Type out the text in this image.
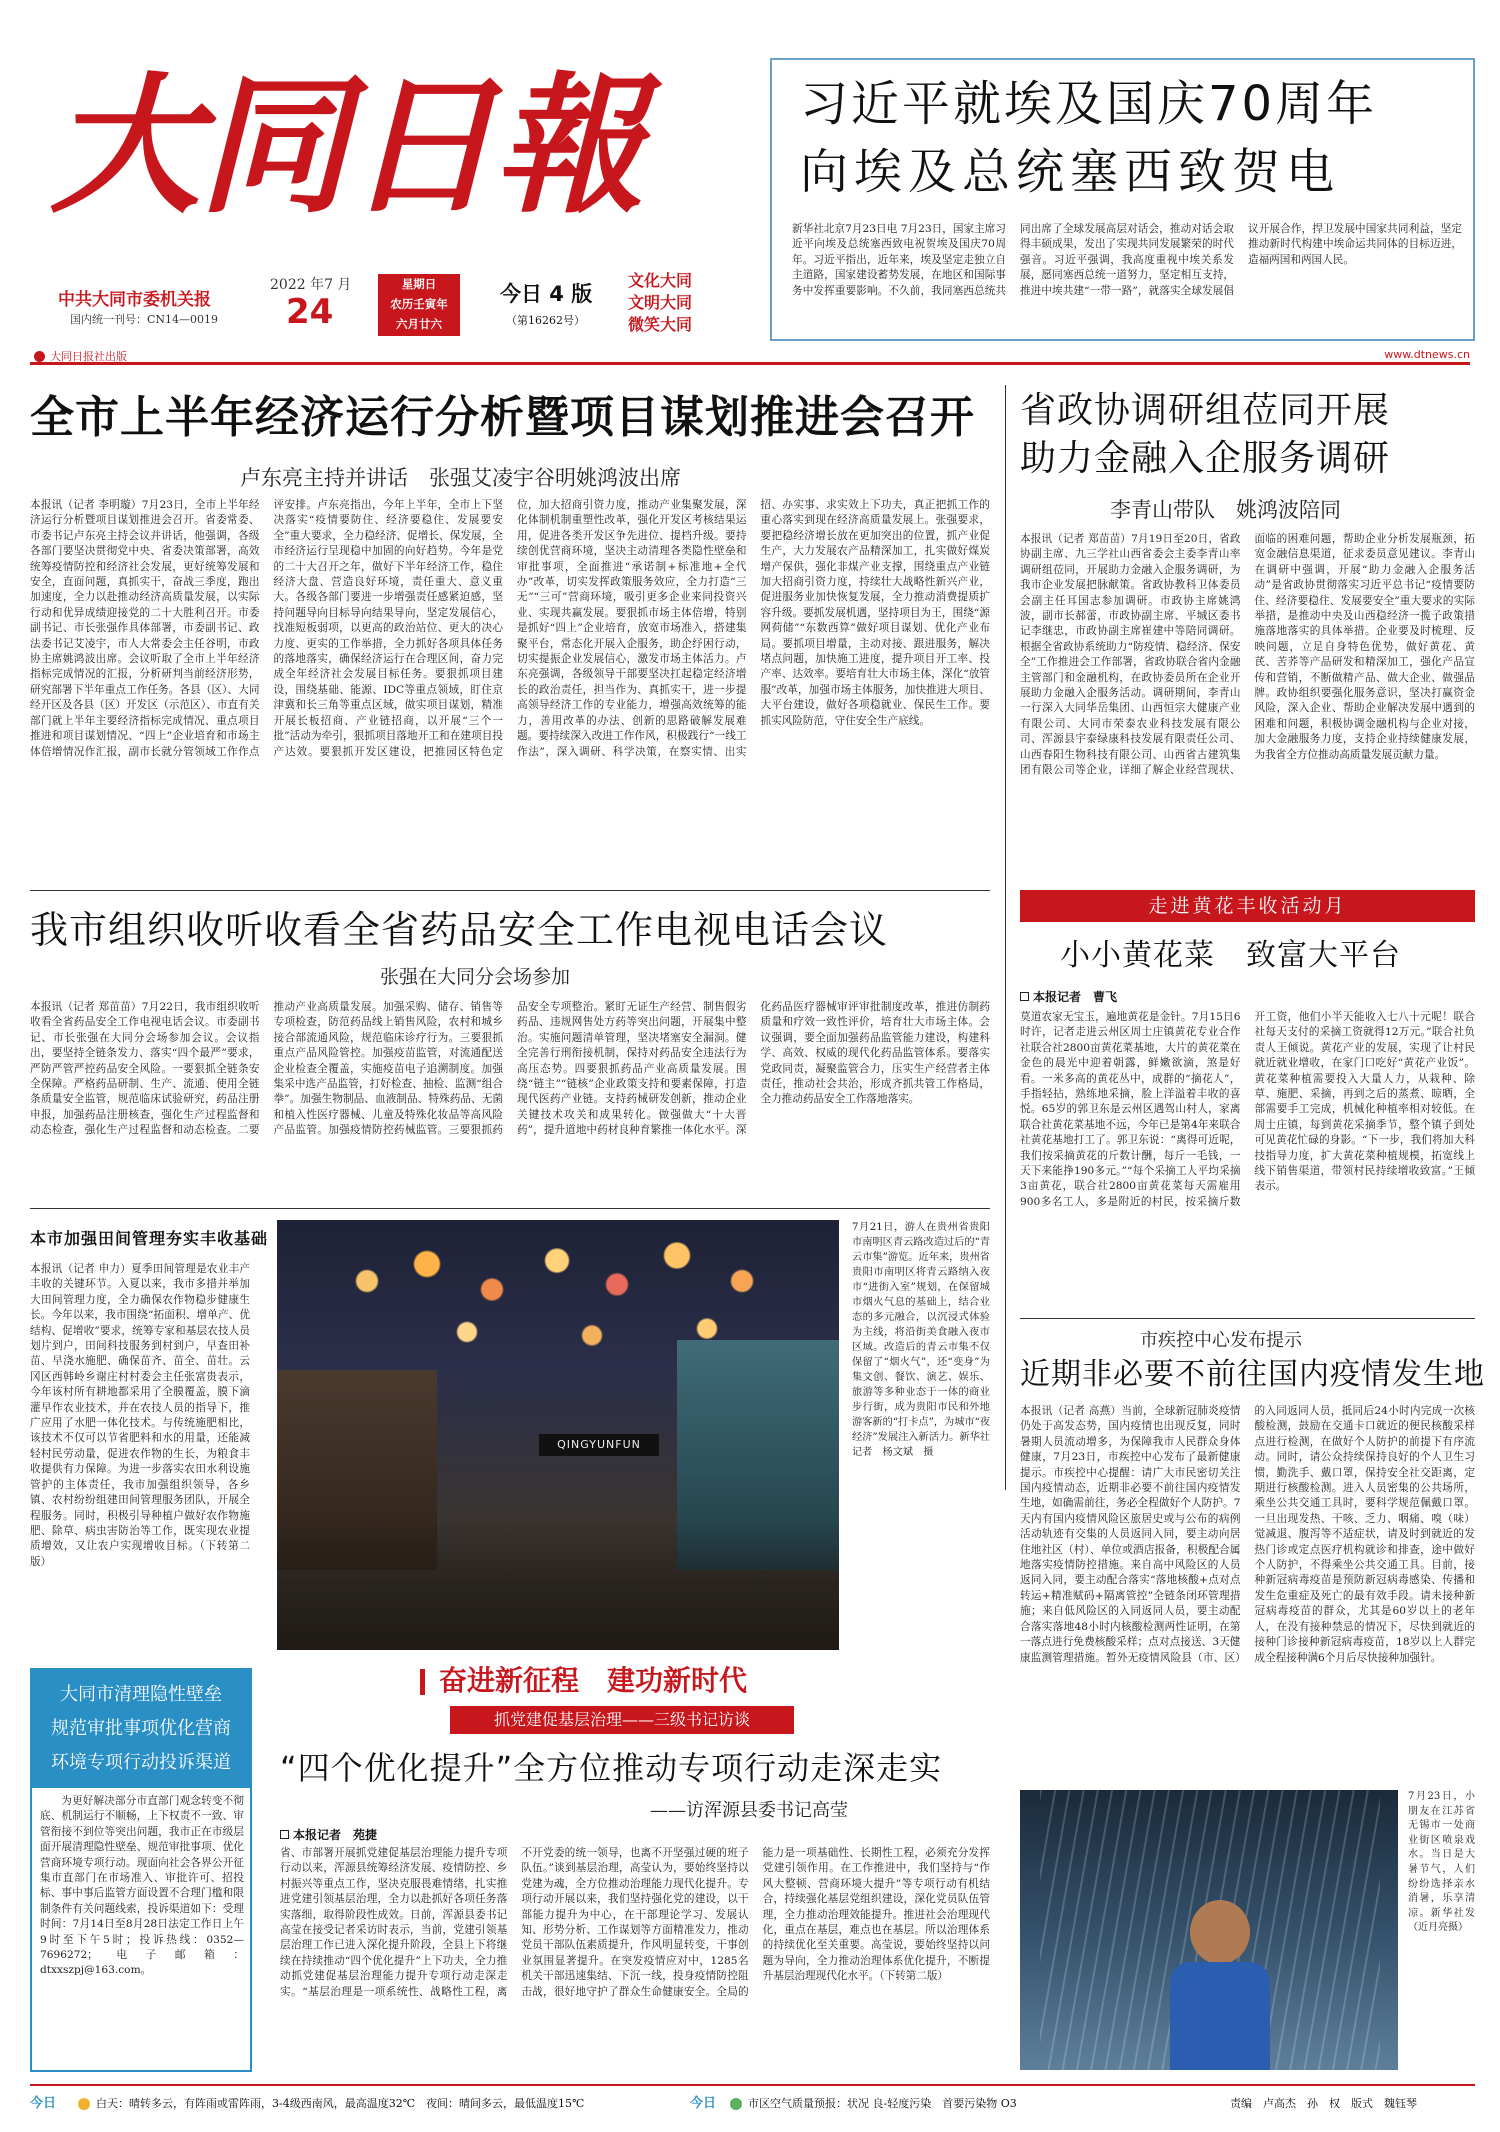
大同日報
中共大同市委机关报
国内统一刊号：CN14—0019
2022 年7 月
24
星期日
农历壬寅年
六月廿六
今日 4 版
（第16262号）
文化大同
文明大同
微笑大同
大同日报社出版	www.dtnews.cn
习近平就埃及国庆70周年
向埃及总统塞西致贺电
新华社北京7月23日电 7月23日，国家主席习近平向埃及总统塞西致电祝贺埃及国庆70周年。习近平指出，近年来，埃及坚定走独立自主道路，国家建设蓄势发展，在地区和国际事务中发挥重要影响。不久前，我同塞西总统共同出席了全球发展高层对话会，推动对话会取得丰硕成果，发出了实现共同发展繁荣的时代强音。习近平强调，我高度重视中埃关系发展，愿同塞西总统一道努力，坚定相互支持，推进中埃共建“一带一路”，就落实全球发展倡议开展合作，捍卫发展中国家共同利益，坚定推动新时代构建中埃命运共同体的目标迈进，造福两国和两国人民。
全市上半年经济运行分析暨项目谋划推进会召开
卢东亮主持并讲话　张强艾凌宇谷明姚鸿波出席
本报讯（记者 李明璇）7月23日，全市上半年经济运行分析暨项目谋划推进会召开。省委常委、市委书记卢东亮主持会议并讲话，他强调，各级各部门要坚决贯彻党中央、省委决策部署，高效统筹疫情防控和经济社会发展，更好统筹发展和安全，直面问题，真抓实干，奋战三季度，跑出加速度，全力以赴推动经济高质量发展，以实际行动和优异成绩迎接党的二十大胜利召开。市委副书记、市长张强作具体部署，市委副书记、政法委书记艾凌宇，市人大常委会主任谷明，市政协主席姚鸿波出席。会议听取了全市上半年经济指标完成情况的汇报，分析研判当前经济形势，研究部署下半年重点工作任务。各县（区）、大同经开区及各县（区）开发区（示范区）、市直有关部门就上半年主要经济指标完成情况、重点项目推进和项目谋划情况、“四上”企业培育和市场主体倍增情况作汇报，副市长就分管领域工作作点评安排。卢东亮指出，今年上半年，全市上下坚决落实“疫情要防住、经济要稳住、发展要安全”重大要求，全力稳经济、促增长、保发展，全市经济运行呈现稳中加固的向好趋势。今年是党的二十大召开之年，做好下半年经济工作，稳住经济大盘、营造良好环境，责任重大、意义重大。各级各部门要进一步增强责任感紧迫感，坚持问题导向目标导向结果导向，坚定发展信心，找准短板弱项，以更高的政治站位、更大的决心力度、更实的工作举措，全力抓好各项具体任务的落地落实，确保经济运行在合理区间，奋力完成全年经济社会发展目标任务。要狠抓项目建设，围绕基础、能源、IDC等重点领域，盯住京津冀和长三角等重点区域，做实项目谋划，精准开展长板招商、产业链招商，以开展“三个一批”活动为牵引，狠抓项目落地开工和在建项目投产达效。要狠抓开发区建设，把推园区特色定位，加大招商引资力度，推动产业集聚发展，深化体制机制重塑性改革，强化开发区考核结果运用，促进各类开发区争先进位、提档升级。要持续创优营商环境，坚决主动清理各类隐性壁垒和审批事项，全面推进“承诺制+标准地+全代办”改革，切实发挥政策服务效应，全力打造“三无”“三可”营商环境，吸引更多企业来同投资兴业、实现共赢发展。要狠抓市场主体倍增，特别是抓好“四上”企业培育，放宽市场准入，搭建集聚平台，常态化开展入企服务，助企纾困行动，切实提振企业发展信心，激发市场主体活力。卢东亮强调，各级领导干部要坚决扛起稳定经济增长的政治责任，担当作为、真抓实干，进一步提高领导经济工作的专业能力，增强高效统筹的能力，善用改革的办法、创新的思路破解发展难题。要持续深入改进工作作风，积极践行“一线工作法”，深入调研、科学决策，在察实情、出实招、办实事、求实效上下功夫，真正把抓工作的重心落实到现在经济高质量发展上。张强要求，要把稳经济增长放在更加突出的位置，抓产业促生产，大力发展农产品精深加工，扎实做好煤炭增产保供，强化非煤产业支撑，围绕重点产业链加大招商引资力度，持续壮大战略性新兴产业，促进服务业加快恢复发展，全力推动消费提质扩容升级。要抓发展机遇，坚持项目为王，围绕“源网荷储”“东数西算”做好项目谋划、优化产业布局。要抓项目增量，主动对接、跟进服务，解决堵点问题，加快施工进度，提升项目开工率、投产率、达效率。要培育壮大市场主体，深化“放管服”改革，加强市场主体服务，加快推进大项目、大平台建设，做好各项稳就业、保民生工作。要抓实风险防范，守住安全生产底线。
省政协调研组莅同开展
助力金融入企服务调研
李青山带队　姚鸿波陪同
本报讯（记者 郑苗苗）7月19日至20日，省政协副主席、九三学社山西省委会主委李青山率调研组莅同，开展助力金融入企服务调研，为我市企业发展把脉献策。省政协教科卫体委员会副主任耳国志参加调研。市政协主席姚鸿波，副市长郝蕾，市政协副主席、平城区委书记李继忠，市政协副主席崔建中等陪同调研。根据全省政协系统助力“防疫情、稳经济、保安全”工作推进会工作部署，省政协联合省内金融主管部门和金融机构，在政协委员所在企业开展助力金融入企服务活动。调研期间，李青山一行深入大同华岳集团、山西恒宗大健康产业有限公司、大同市荣泰农业科技发展有限公司、浑源县宇泰绿康科技发展有限责任公司、山西春阳生物科技有限公司、山西省古建筑集团有限公司等企业，详细了解企业经营现状、面临的困难问题，帮助企业分析发展瓶颈，拓宽金融信息渠道，征求委员意见建议。李青山在调研中强调，开展“助力金融入企服务活动”是省政协贯彻落实习近平总书记“疫情要防住、经济要稳住、发展要安全”重大要求的实际举措，是推动中央及山西稳经济一揽子政策措施落地落实的具体举措。企业要及时梳理、反映问题，立足自身特色优势，做好黄花、黄芪、苦荞等产品研发和精深加工，强化产品宣传和营销，不断做精产品、做大企业、做强品牌。政协组织要强化服务意识，坚决打赢资金风险，深入企业、帮助企业解决发展中遇到的困难和问题，积极协调金融机构与企业对接，加大金融服务力度，支持企业持续健康发展，为我省全方位推动高质量发展贡献力量。
我市组织收听收看全省药品安全工作电视电话会议
张强在大同分会场参加
本报讯（记者 郑苗苗）7月22日，我市组织收听收看全省药品安全工作电视电话会议。市委副书记、市长张强在大同分会场参加会议。会议指出，要坚持全链条发力、落实“四个最严”要求，严防严管严控药品安全风险。一要狠抓全链条安全保障。严格药品研制、生产、流通、使用全链条质量安全监管，规范临床试验研究，药品注册申报，加强药品注册核查，强化生产过程监督和动态检查，强化生产过程监督和动态检查。二要推动产业高质量发展。加强采购、储存、销售等专项检查，防范药品线上销售风险，农村和城乡接合部流通风险，规范临床诊疗行为。三要狠抓重点产品风险管控。加强疫苗监管，对流通配送企业检查全覆盖，实施疫苗电子追溯制度。加强集采中选产品监管，打好检查、抽检、监测“组合拳”。加强生物制品、血液制品、特殊药品、无菌和植入性医疗器械、儿童及特殊化妆品等高风险产品监管。加强疫情防控药械监管。三要狠抓药品安全专项整治。紧盯无证生产经营、制售假劣药品、违规网售处方药等突出问题，开展集中整治。实施问题清单管理，坚决堵塞安全漏洞。健全完善行刑衔接机制，保持对药品安全违法行为高压态势。四要狠抓药品产业高质量发展。围绕“链主”“链核”企业政策支持和要素保障，打造现代医药产业链。支持药械研发创新，推动企业关键技术攻关和成果转化。做强做大“十大晋药”，提升道地中药材良种育繁推一体化水平。深化药品医疗器械审评审批制度改革，推进仿制药质量和疗效一致性评价，培育壮大市场主体。会议强调，要全面加强药品监管能力建设，构建科学、高效、权威的现代化药品监管体系。要落实党政同责，凝聚监管合力，压实生产经营者主体责任，推动社会共治，形成齐抓共管工作格局，全力推动药品安全工作落地落实。
走进黄花丰收活动月
小小黄花菜　致富大平台
本报记者　曹飞
莫道农家无宝玉，遍地黄花是金针。7月15日6时许，记者走进云州区周士庄镇黄花专业合作社联合社2800亩黄花菜基地，大片的黄花菜在金色的晨光中迎着朝露，鲜嫩欲滴，煞是好看。一米多高的黄花丛中，成群的“摘花人”，手指轻拈，熟练地采摘，脸上洋溢着丰收的喜悦。65岁的郭卫东是云州区遇驾山村人，家离联合社黄花菜基地不远，今年已是第4年来联合社黄花基地打工了。郭卫东说：“离得可近呢，我们按采摘黄花的斤数计酬，每斤一毛钱，一天下来能挣190多元。”“每个采摘工人平均采摘3亩黄花，联合社2800亩黄花菜每天需雇用900多名工人，多是附近的村民，按采摘斤数开工资，他们小半天能收入七八十元呢！联合社每天支付的采摘工资就得12万元。”联合社负责人王倾说。黄花产业的发展，实现了让村民就近就业增收，在家门口吃好“黄花产业饭”。黄花菜种植需要投入大量人力，从栽种、除草、施肥、采摘，再到之后的蒸煮、晾晒，全部需要手工完成，机械化种植率相对较低。在周士庄镇，每到黄花采摘季节，整个镇子到处可见黄花忙碌的身影。“下一步，我们将加大科技指导力度，扩大黄花菜种植规模，拓宽线上线下销售渠道，带领村民持续增收致富。”王倾表示。
本市加强田间管理夯实丰收基础
本报讯（记者 申力）夏季田间管理是农业丰产丰收的关键环节。入夏以来，我市多措并举加大田间管理力度，全力确保农作物稳步健康生长。今年以来，我市围绕“拓面积、增单产、优结构、促增收”要求，统筹专家和基层农技人员划片到户，田间科技服务到村到户，早查田补苗、早浇水施肥、确保苗齐、苗全、苗壮。云冈区西韩岭乡谢庄村村委会主任张富贵表示，今年该村所有耕地都采用了全膜覆盖，膜下滴灌早作农业技术，并在农技人员的指导下，推广应用了水肥一体化技术。与传统施肥相比，该技术不仅可以节省肥料和水的用量，还能减轻村民劳动量，促进农作物的生长，为粮食丰收提供有力保障。为进一步落实农田水利设施管护的主体责任，我市加强组织领导，各乡镇、农村纷纷组建田间管理服务团队，开展全程服务。同时，积极引导种植户做好农作物施肥、除草、病虫害防治等工作，既实现农业提质增效，又让农户实现增收目标。（下转第二版）
QINGYUNFUN
7月21日，游人在贵州省贵阳市南明区青云路改造过后的“青云市集”游览。近年来，贵州省贵阳市南明区将青云路纳入夜市“进街入室”规划，在保留城市烟火气息的基础上，结合业态的多元融合，以沉浸式体验为主线，将沿街美食融入夜市区域。改造后的青云市集不仅保留了“烟火气”，还“变身”为集文创、餐饮、演艺、娱乐、旅游等多种业态于一体的商业步行街，成为贵阳市民和外地游客新的“打卡点”，为城市“夜经济”发展注入新活力。新华社记者　杨文斌　摄
市疾控中心发布提示
近期非必要不前往国内疫情发生地
本报讯（记者 高燕）当前，全球新冠肺炎疫情仍处于高发态势，国内疫情也出现反复，同时暑期人员流动增多，为保障我市人民群众身体健康，7月23日，市疾控中心发布了最新健康提示。市疾控中心提醒：请广大市民密切关注国内疫情动态，近期非必要不前往国内疫情发生地，如确需前往，务必全程做好个人防护。7天内有国内疫情风险区旅居史或与公布的病例活动轨迹有交集的人员返同入同，要主动向居住地社区（村）、单位或酒店报备，积极配合属地落实疫情防控措施。来自高中风险区的人员返同入同，要主动配合落实“落地核酸+点对点转运+精准赋码+隔离管控”全链条闭环管理措施；来自低风险区的入同返同人员，要主动配合落实落地48小时内核酸检测两性证明，在第一落点进行免费核酸采样；点对点接送、3天健康监测管理措施。暂外无疫情风险县（市、区）的入同返同人员，抵同后24小时内完成一次核酸检测，鼓励在交通卡口就近的便民核酸采样点进行检测，在做好个人防护的前提下有序流动。同时，请公众持续保持良好的个人卫生习惯，勤洗手、戴口罩，保持安全社交距离，定期进行核酸检测。进入人员密集的公共场所，乘坐公共交通工具时，要科学规范佩戴口罩。一旦出现发热、干咳、乏力、咽痛、嗅（味）觉减退、腹泻等不适症状，请及时到就近的发热门诊或定点医疗机构就诊和排查，途中做好个人防护，不得乘坐公共交通工具。目前，接种新冠病毒疫苗是预防新冠病毒感染、传播和发生危重症及死亡的最有效手段。请未接种新冠病毒疫苗的群众，尤其是60岁以上的老年人，在没有接种禁忌的情况下，尽快到就近的接种门诊接种新冠病毒疫苗，18岁以上人群完成全程接种满6个月后尽快接种加强针。
大同市清理隐性壁垒
规范审批事项优化营商
环境专项行动投诉渠道
为更好解决部分市直部门观念转变不彻底、机制运行不顺畅，上下权责不一致、审管衔接不到位等突出问题，我市正在市级层面开展清理隐性壁垒、规范审批事项、优化营商环境专项行动。现面向社会各界公开征集市直部门在市场准入、审批许可、招投标、事中事后监管方面设置不合理门槛和限制条件有关问题线索，投诉渠道如下：受理时间：7月14日至8月28日法定工作日上午9时至下午5时；投诉热线：0352—7696272；电子邮箱：dtxxszpj@163.com。
奋进新征程　建功新时代
抓党建促基层治理——三级书记访谈
“四个优化提升”全方位推动专项行动走深走实
——访浑源县委书记高莹
本报记者　苑捷
省、市部署开展抓党建促基层治理能力提升专项行动以来，浑源县统筹经济发展、疫情防控、乡村振兴等重点工作，坚决克服畏难情绪，扎实推进党建引领基层治理，全力以赴抓好各项任务落实落细，取得阶段性成效。日前，浑源县委书记高莹在接受记者采访时表示，当前，党建引领基层治理工作已进入深化提升阶段，全县上下将继续在持续推动“四个优化提升”上下功夫，全力推动抓党建促基层治理能力提升专项行动走深走实。“基层治理是一项系统性、战略性工程，离不开党委的统一领导，也离不开坚强过硬的班子队伍。”谈到基层治理，高莹认为，要始终坚持以党建为魂，全方位推动治理能力现代化提升。专项行动开展以来，我们坚持强化党的建设，以干部能力提升为中心，在干部理论学习、发展认知、形势分析、工作谋划等方面精准发力，推动党员干部队伍素质提升，作风明显转变，干事创业氛围显著提升。在突发疫情应对中，1285名机关干部迅速集结、下沉一线，投身疫情防控阻击战，很好地守护了群众生命健康安全。全局的能力是一项基础性、长期性工程，必须充分发挥党建引领作用。在工作推进中，我们坚持与“作风大整顿、营商环境大提升”等专项行动有机结合，持续强化基层党组织建设，深化党员队伍管理，全力推动治理效能提升。推进社会治理现代化，重点在基层，难点也在基层。所以治理体系的持续优化至关重要。高莹说，要始终坚持以问题为导向，全力推动治理体系优化提升，不断提升基层治理现代化水平。（下转第二版）
7月23日，小朋友在江苏省无锡市一处商业街区喷泉戏水。当日是大暑节气，人们纷纷选择亲水消暑，乐享清凉。新华社发（近月亮摄）
今日	白天：晴转多云，有阵雨或雷阵雨，3-4级西南风，最高温度32℃　夜间：晴间多云，最低温度15℃	今日	市区空气质量预报：状况 良-轻度污染　首要污染物 O3	责编　卢高杰　孙　权　版式　魏钰琴
